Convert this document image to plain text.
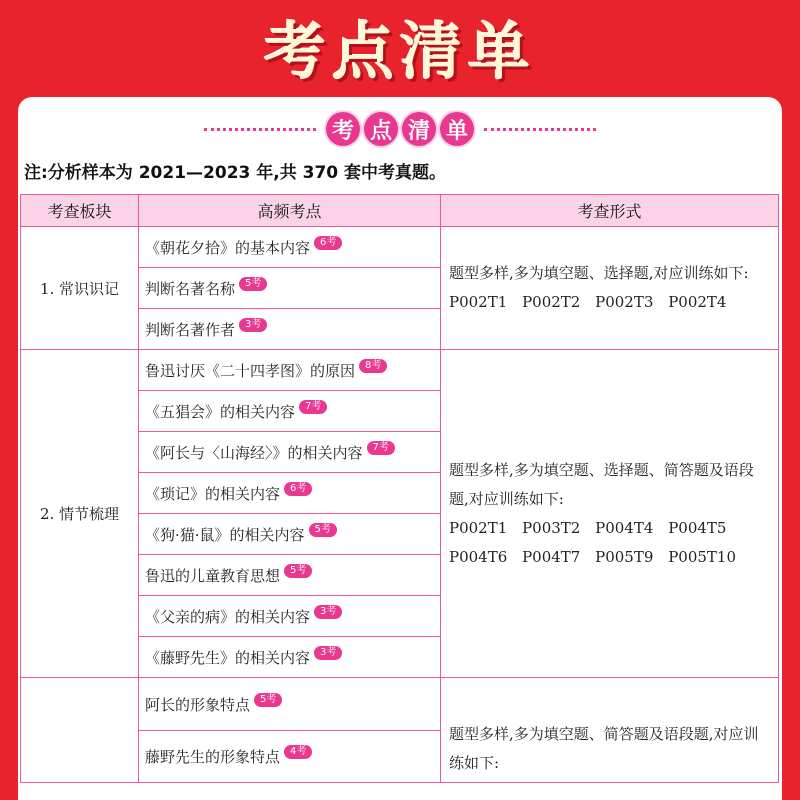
考点清单
考 点 清 单
注:分析样本为 2021—2023 年,共 370 套中考真题。
考查板块	高频考点	考查形式
1. 常识识记	《朝花夕拾》的基本内容 6考	题型多样,多为填空题、选择题,对应训练如下:
P002T1 P002T2 P002T3 P002T4

	判断名著名称 5考	
	判断名著作者 3考	
2. 情节梳理	鲁迅讨厌《二十四孝图》的原因 8考	题型多样,多为填空题、选择题、简答题及语段题,对应训练如下:
P002T1 P003T2 P004T4 P004T5
P004T6 P004T7 P005T9 P005T10

	《五猖会》的相关内容 7考	
	《阿长与〈山海经〉》的相关内容 7考	
	《琐记》的相关内容 6考	
	《狗·猫·鼠》的相关内容 5考	
	鲁迅的儿童教育思想 5考	
	《父亲的病》的相关内容 3考	
	《藤野先生》的相关内容 3考	
	阿长的形象特点 5考	题型多样,多为填空题、简答题及语段题,对应训练如下:

	藤野先生的形象特点 4考	
